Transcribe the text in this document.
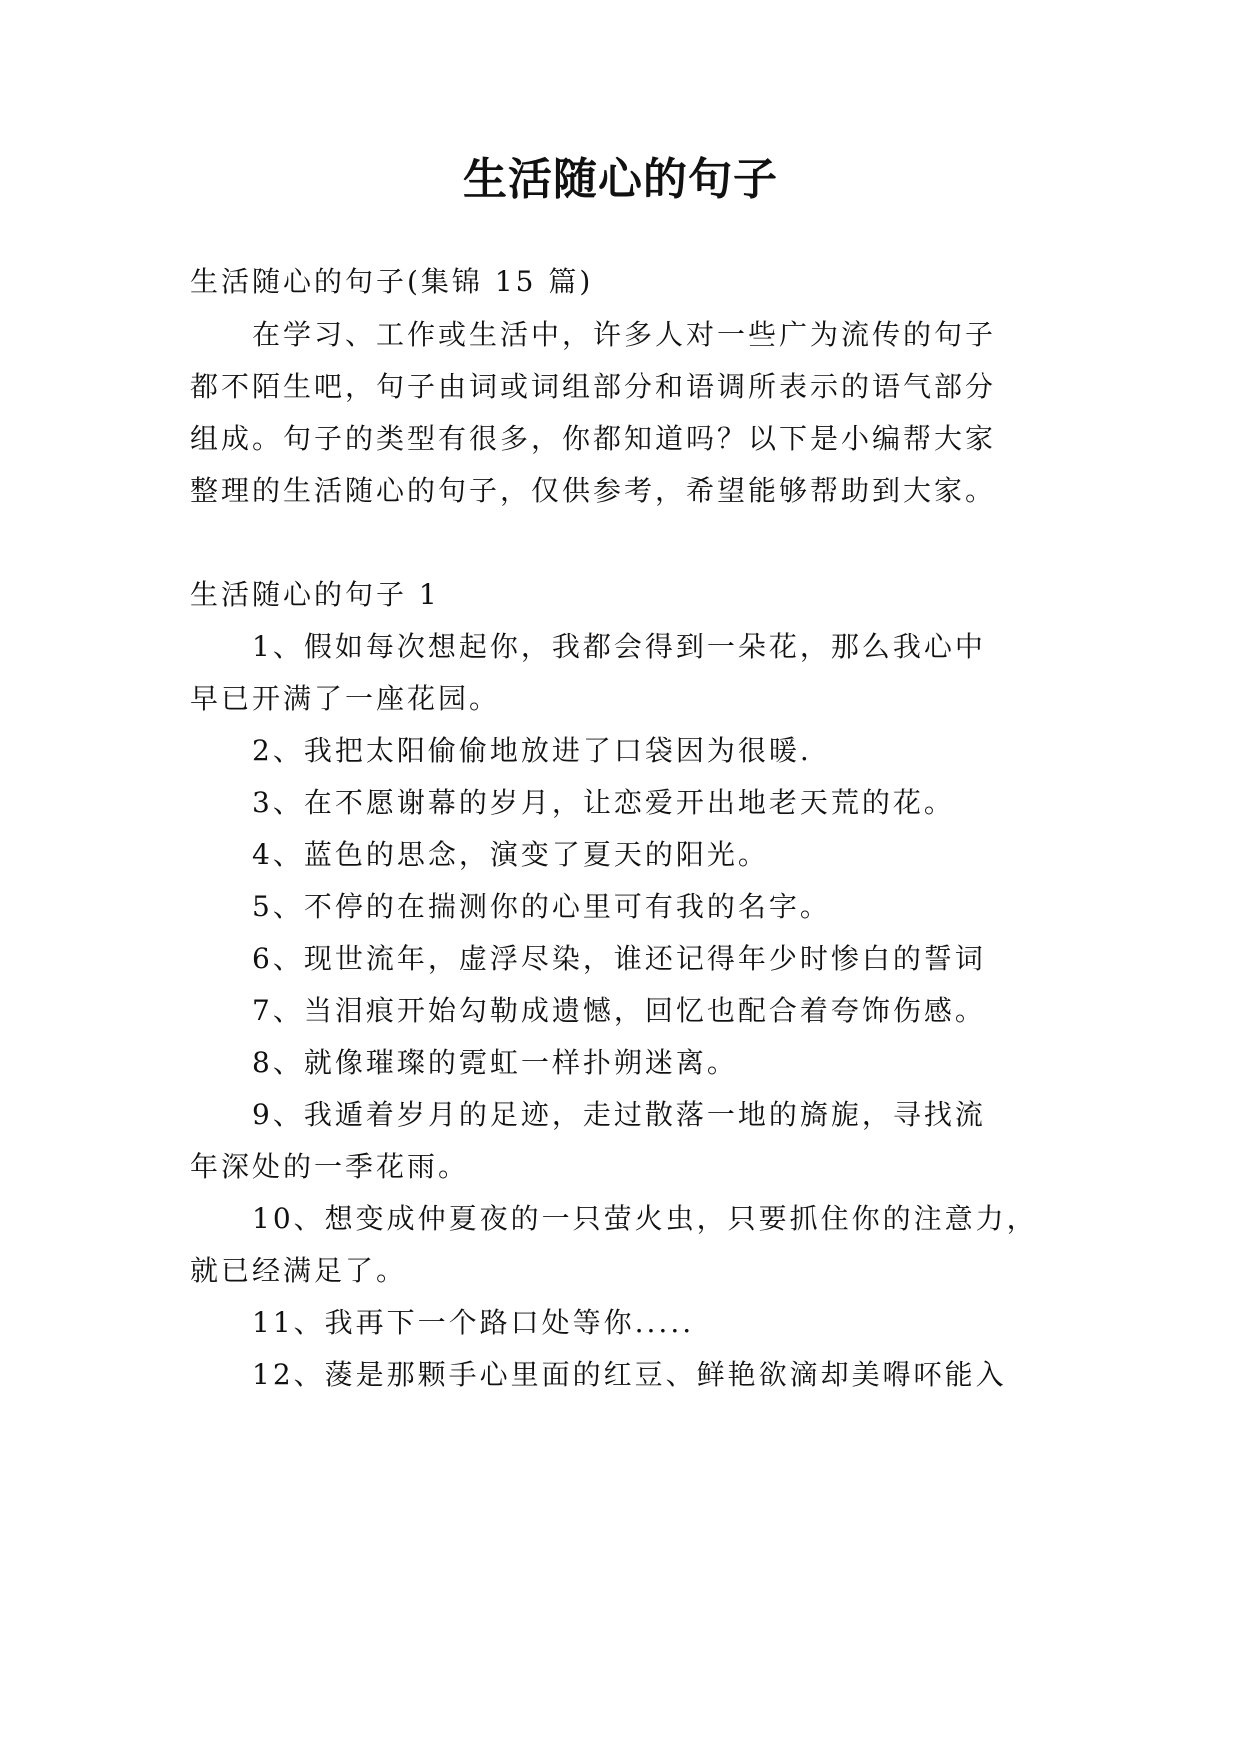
生活随心的句子
生活随心的句子(集锦 15 篇)
在学习、工作或生活中，许多人对一些广为流传的句子
都不陌生吧，句子由词或词组部分和语调所表示的语气部分
组成。句子的类型有很多，你都知道吗？以下是小编帮大家
整理的生活随心的句子，仅供参考，希望能够帮助到大家。
生活随心的句子 1
1、假如每次想起你，我都会得到一朵花，那么我心中
早已开满了一座花园。
2、我把太阳偷偷地放进了口袋因为很暖.
3、在不愿谢幕的岁月，让恋爱开出地老天荒的花。
4、蓝色的思念，演变了夏天的阳光。
5、不停的在揣测你的心里可有我的名字。
6、现世流年，虚浮尽染，谁还记得年少时惨白的誓词
7、当泪痕开始勾勒成遗憾，回忆也配合着夸饰伤感。
8、就像璀璨的霓虹一样扑朔迷离。
9、我遁着岁月的足迹，走过散落一地的旖旎，寻找流
年深处的一季花雨。
10、想变成仲夏夜的一只萤火虫，只要抓住你的注意力，
就已经满足了。
11、我再下一个路口处等你.....
12、蔆是那颗手心里面的红豆、鲜艳欲滴却美嘚吥能入
